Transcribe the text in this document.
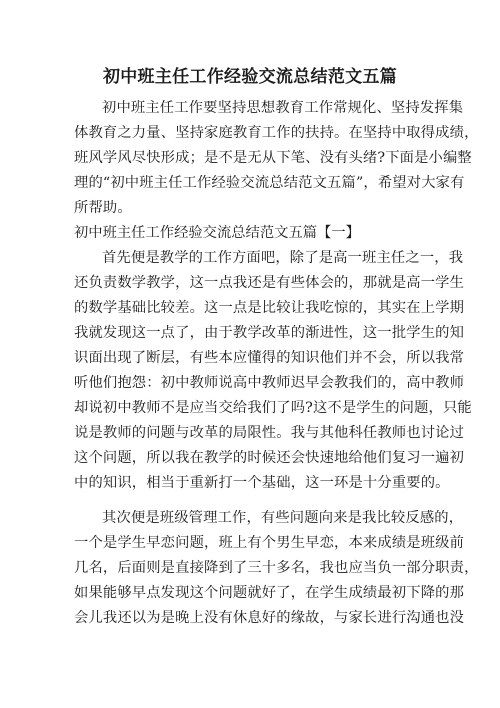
初中班主任工作经验交流总结范文五篇
初中班主任工作要坚持思想教育工作常规化、坚持发挥集
体教育之力量、坚持家庭教育工作的扶持。在坚持中取得成绩，
班风学风尽快形成；是不是无从下笔、没有头绪?下面是小编整
理的“初中班主任工作经验交流总结范文五篇”，希望对大家有
所帮助。
初中班主任工作经验交流总结范文五篇【一】
首先便是教学的工作方面吧，除了是高一班主任之一，我
还负责数学教学，这一点我还是有些体会的，那就是高一学生
的数学基础比较差。这一点是比较让我吃惊的，其实在上学期
我就发现这一点了，由于教学改革的渐进性，这一批学生的知
识面出现了断层，有些本应懂得的知识他们并不会，所以我常
听他们抱怨：初中教师说高中教师迟早会教我们的，高中教师
却说初中教师不是应当交给我们了吗?这不是学生的问题，只能
说是教师的问题与改革的局限性。我与其他科任教师也讨论过
这个问题，所以我在教学的时候还会快速地给他们复习一遍初
中的知识，相当于重新打一个基础，这一环是十分重要的。
其次便是班级管理工作，有些问题向来是我比较反感的，
一个是学生早恋问题，班上有个男生早恋，本来成绩是班级前
几名，后面则是直接降到了三十多名，我也应当负一部分职责，
如果能够早点发现这个问题就好了，在学生成绩最初下降的那
会儿我还以为是晚上没有休息好的缘故，与家长进行沟通也没
